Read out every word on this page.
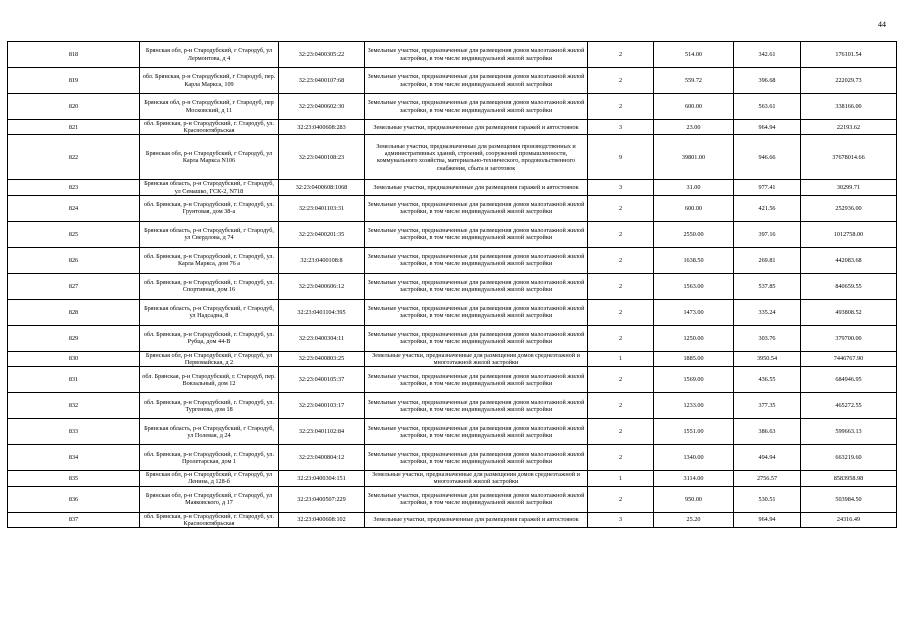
44
818	Брянская обл, р-н Стародубский, г Стародуб, ул Лермонтова, д 4	32:23:0400305:22	Земельные участки, предназначенные для размещения домов малоэтажной жилой застройки, в том числе индивидуальной жилой застройки	2	514.00	342.61	176101.54
819	обл. Брянская, р-н Стародубский, г Стародуб, пер. Карла Маркса, 109	32:23:0400107:68	Земельные участки, предназначенные для размещения домов малоэтажной жилой застройки, в том числе индивидуальной жилой застройки	2	559.72	396.68	222029.73
820	Брянская обл, р-н Стародубский, г Стародуб, пер Московский, д 11	32:23:0400602:30	Земельные участки, предназначенные для размещения домов малоэтажной жилой застройки, в том числе индивидуальной жилой застройки	2	600.00	563.61	338166.00
821	обл. Брянская, р-н Стародубский, г. Стародуб, ул. Краснооктябрьская	32:23:0400608:283	Земельные участки, предназначенные для размещения гаражей и автостоянок	3	23.00	964.94	22193.62
822	Брянская обл, р-н Стародубский, г Стародуб, ул Карла Маркса N106	32:23:0400108:23	Земельные участки, предназначенные для размещения производственных и административных зданий, строений, сооружений промышленности, коммунального хозяйства, материально-технического, продовольственного снабжения, сбыта и заготовок	9	39801.00	946.66	37678014.66
823	Брянская область, р-н Стародубский, г Стародуб, ул Семашко, ГСК-2, N718	32:23:0400608:1068	Земельные участки, предназначенные для размещения гаражей и автостоянок	3	31.00	977.41	30299.71
824	обл. Брянская, р-н Стародубский, г. Стародуб, ул. Грунтовая, дом 38-а	32:23:0401103:31	Земельные участки, предназначенные для размещения домов малоэтажной жилой застройки, в том числе индивидуальной жилой застройки	2	600.00	421.56	252936.00
825	Брянская область, р-н Стародубский, г Стародуб, ул Свердлова, д 74	32:23:0400201:35	Земельные участки, предназначенные для размещения домов малоэтажной жилой застройки, в том числе индивидуальной жилой застройки	2	2550.00	397.16	1012758.00
826	обл. Брянская, р-н Стародубский, г. Стародуб, ул. Карла Маркса, дом 76 а	32:23:0400108:8	Земельные участки, предназначенные для размещения домов малоэтажной жилой застройки, в том числе индивидуальной жилой застройки	2	1638.50	269.81	442083.68
827	обл. Брянская, р-н Стародубский, г. Стародуб, ул. Спортивная, дом 16	32:23:0400606:12	Земельные участки, предназначенные для размещения домов малоэтажной жилой застройки, в том числе индивидуальной жилой застройки	2	1563.00	537.85	840659.55
828	Брянская область, р-н Стародубский, г Стародуб, ул Надсадна, 8	32:23:0401104:395	Земельные участки, предназначенные для размещения домов малоэтажной жилой застройки, в том числе индивидуальной жилой застройки	2	1473.00	335.24	493808.52
829	обл. Брянская, р-н Стародубский, г. Стародуб, ул. Рубца, дом 44-В	32:23:0400304:11	Земельные участки, предназначенные для размещения домов малоэтажной жилой застройки, в том числе индивидуальной жилой застройки	2	1250.00	303.76	379700.00
830	Брянская обл, р-н Стародубский, г Стародуб, ул Первомайская, д 2	32:23:0400803:25	Земельные участки, предназначенные для размещения домов среднеэтажной и многоэтажной жилой застройки	1	1885.00	3950.54	7446767.90
831	обл. Брянская, р-н Стародубский, г. Стародуб, пер. Вокзальный, дом 12	32:23:0400105:37	Земельные участки, предназначенные для размещения домов малоэтажной жилой застройки, в том числе индивидуальной жилой застройки	2	1569.00	436.55	684946.95
832	обл. Брянская, р-н Стародубский, г. Стародуб, ул. Тургенева, дом 18	32:23:0400103:17	Земельные участки, предназначенные для размещения домов малоэтажной жилой застройки, в том числе индивидуальной жилой застройки	2	1233.00	377.35	465272.55
833	Брянская область, р-н Стародубский, г Стародуб, ул Полевая, д 24	32:23:0401102:84	Земельные участки, предназначенные для размещения домов малоэтажной жилой застройки, в том числе индивидуальной жилой застройки	2	1551.00	386.63	599663.13
834	обл. Брянская, р-н Стародубский, г. Стародуб, ул. Пролетарская, дом 1	32:23:0400804:12	Земельные участки, предназначенные для размещения домов малоэтажной жилой застройки, в том числе индивидуальной жилой застройки	2	1340.00	494.94	663219.60
835	Брянская обл, р-н Стародубский, г Стародуб, ул Ленина, д 128-б	32:23:0400304:151	Земельные участки, предназначенные для размещения домов среднеэтажной и многоэтажной жилой застройки	1	3114.00	2756.57	8583958.98
836	Брянская обл, р-н Стародубский, г Стародуб, ул Маяковского, д 17	32:23:0400507:229	Земельные участки, предназначенные для размещения домов малоэтажной жилой застройки, в том числе индивидуальной жилой застройки	2	950.00	530.51	503984.50
837	обл. Брянская, р-н Стародубский, г. Стародуб, ул. Краснооктябрьская	32:23:0400608:102	Земельные участки, предназначенные для размещения гаражей и автостоянок	3	25.20	964.94	24316.49
